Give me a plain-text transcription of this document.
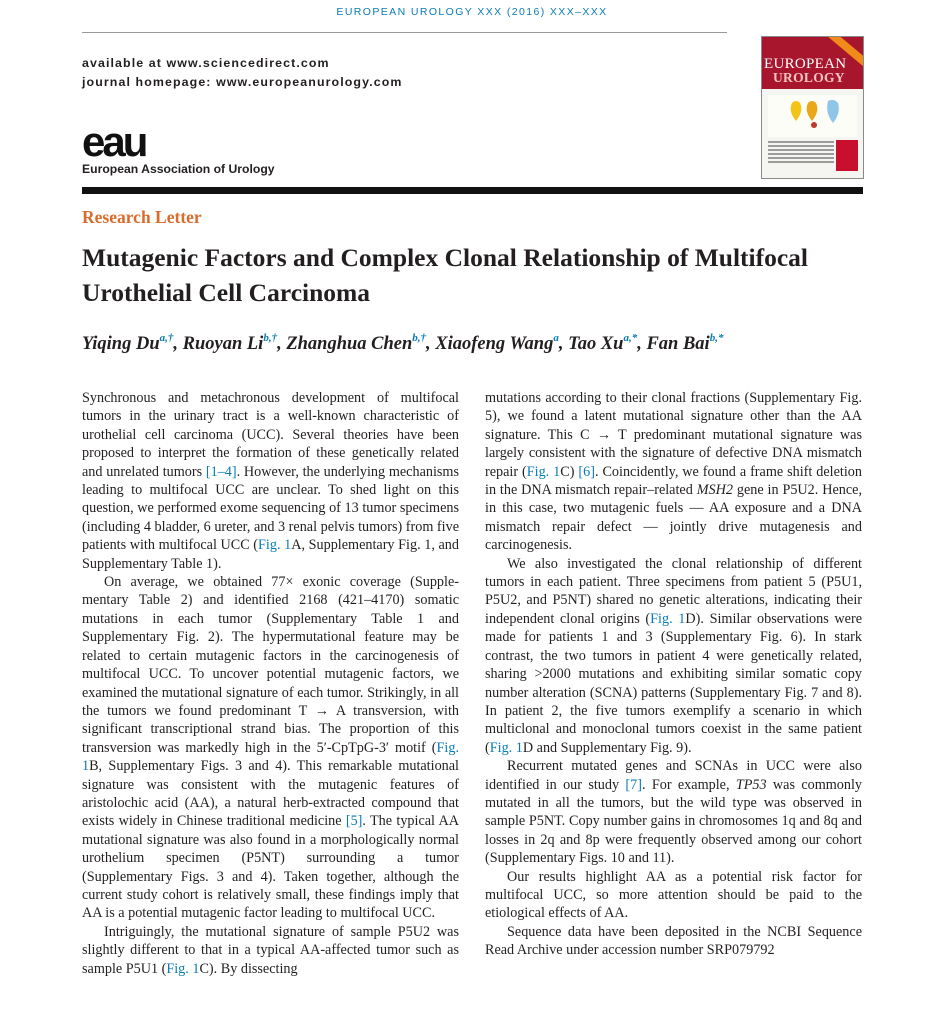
EUROPEAN UROLOGY XXX (2016) XXX–XXX
available at www.sciencedirect.com
journal homepage: www.europeanurology.com
eau
European Association of Urology
EUROPEAN
UROLOGY
Research Letter
Mutagenic Factors and Complex Clonal Relationship of Multifocal Urothelial Cell Carcinoma
Yiqing $Du^{a,\dagger}$, Ruoyan $Li^{b,\dagger}$, Zhanghua Chen$^{b,\dagger}$, Xiaofeng Wang$^a$, Tao $Xu^{a,*}$, Fan Bai$^{b,*}$

Synchronous and metachronous development of multifocal tumors in the urinary tract is a well-known characteristic of urothelial cell carcinoma (UCC). Several theories have been proposed to interpret the formation of these genetically related and unrelated tumors [1–4]. However, the underlying mechanisms leading to multifocal UCC are unclear. To shed light on this question, we performed exome sequencing of 13 tumor specimens (including 4 bladder, 6 ureter, and 3 renal pelvis tumors) from five patients with multifocal UCC (Fig. 1A, Supplementary Fig. 1, and Supplementary Table 1).

On average, we obtained 77× exonic coverage (Supplementary Table 2) and identified 2168 (421–4170) somatic mutations in each tumor (Supplementary Table 1 and Supplementary Fig. 2). The hypermutational feature may be related to certain mutagenic factors in the carcinogenesis of multifocal UCC. To uncover potential mutagenic factors, we examined the mutational signature of each tumor. Strikingly, in all the tumors we found predominant T → A transversion, with significant transcriptional strand bias. The proportion of this transversion was markedly high in the 5′-CpTpG-3′ motif (Fig. 1B, Supplementary Figs. 3 and 4). This remarkable mutational signature was consistent with the mutagenic features of aristolochic acid (AA), a natural herb-extracted compound that exists widely in Chinese traditional medicine [5]. The typical AA mutational signature was also found in a morphologically normal urothelium specimen (P5NT) surrounding a tumor (Supplementary Figs. 3 and 4). Taken together, although the current study cohort is relatively small, these findings imply that AA is a potential mutagenic factor leading to multifocal UCC.

Intriguingly, the mutational signature of sample P5U2 was slightly different to that in a typical AA-affected tumor such as sample P5U1 (Fig. 1C). By dissecting

mutations according to their clonal fractions (Supplementary Fig. 5), we found a latent mutational signature other than the AA signature. This C → T predominant mutational signature was largely consistent with the signature of defective DNA mismatch repair (Fig. 1C) [6]. Coincidently, we found a frame shift deletion in the DNA mismatch repair–related MSH2 gene in P5U2. Hence, in this case, two mutagenic fuels — AA exposure and a DNA mismatch repair defect — jointly drive mutagenesis and carcinogenesis.

We also investigated the clonal relationship of different tumors in each patient. Three specimens from patient 5 (P5U1, P5U2, and P5NT) shared no genetic alterations, indicating their independent clonal origins (Fig. 1D). Similar observations were made for patients 1 and 3 (Supplementary Fig. 6). In stark contrast, the two tumors in patient 4 were genetically related, sharing >2000 mutations and exhibiting similar somatic copy number alteration (SCNA) patterns (Supplementary Fig. 7 and 8). In patient 2, the five tumors exemplify a scenario in which multiclonal and monoclonal tumors coexist in the same patient (Fig. 1D and Supplementary Fig. 9).

Recurrent mutated genes and SCNAs in UCC were also identified in our study [7]. For example, TP53 was commonly mutated in all the tumors, but the wild type was observed in sample P5NT. Copy number gains in chromosomes 1q and 8q and losses in 2q and 8p were frequently observed among our cohort (Supplementary Figs. 10 and 11).

Our results highlight AA as a potential risk factor for multifocal UCC, so more attention should be paid to the etiological effects of AA.

Sequence data have been deposited in the NCBI Sequence Read Archive under accession number SRP079792
